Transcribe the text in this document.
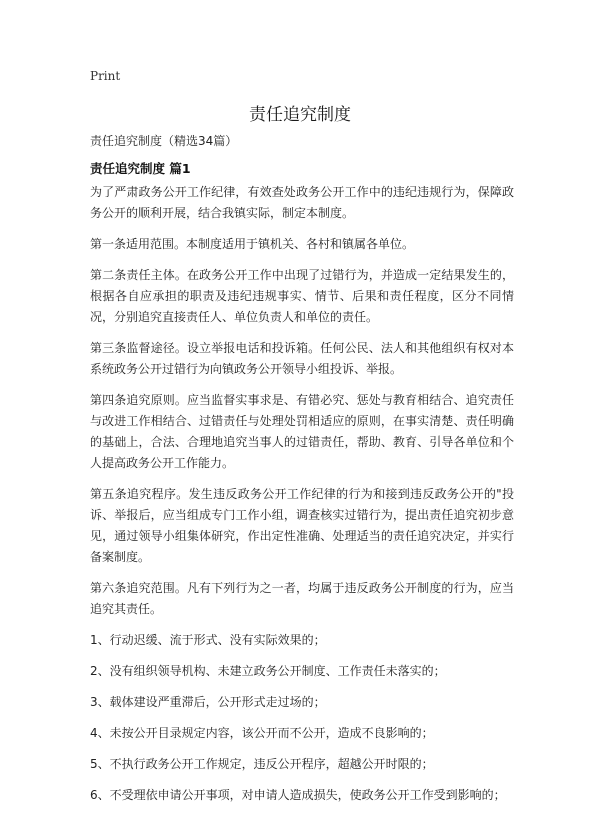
Print
责任追究制度
责任追究制度（精选34篇）
责任追究制度 篇1

为了严肃政务公开工作纪律，有效查处政务公开工作中的违纪违规行为，保障政务公开的顺利开展，结合我镇实际，制定本制度。

第一条适用范围。本制度适用于镇机关、各村和镇属各单位。

第二条责任主体。在政务公开工作中出现了过错行为，并造成一定结果发生的，根据各自应承担的职责及违纪违规事实、情节、后果和责任程度，区分不同情况，分别追究直接责任人、单位负责人和单位的责任。

第三条监督途径。设立举报电话和投诉箱。任何公民、法人和其他组织有权对本系统政务公开过错行为向镇政务公开领导小组投诉、举报。

第四条追究原则。应当监督实事求是、有错必究、惩处与教育相结合、追究责任与改进工作相结合、过错责任与处理处罚相适应的原则，在事实清楚、责任明确的基础上，合法、合理地追究当事人的过错责任，帮助、教育、引导各单位和个人提高政务公开工作能力。

第五条追究程序。发生违反政务公开工作纪律的行为和接到违反政务公开的"投诉、举报后，应当组成专门工作小组，调查核实过错行为，提出责任追究初步意见，通过领导小组集体研究，作出定性准确、处理适当的责任追究决定，并实行备案制度。

第六条追究范围。凡有下列行为之一者，均属于违反政务公开制度的行为，应当追究其责任。

1、行动迟缓、流于形式、没有实际效果的；

2、没有组织领导机构、未建立政务公开制度、工作责任未落实的；

3、载体建设严重滞后，公开形式走过场的；

4、未按公开目录规定内容，该公开而不公开，造成不良影响的；

5、不执行政务公开工作规定，违反公开程序，超越公开时限的；

6、不受理依申请公开事项，对申请人造成损失，使政务公开工作受到影响的；
